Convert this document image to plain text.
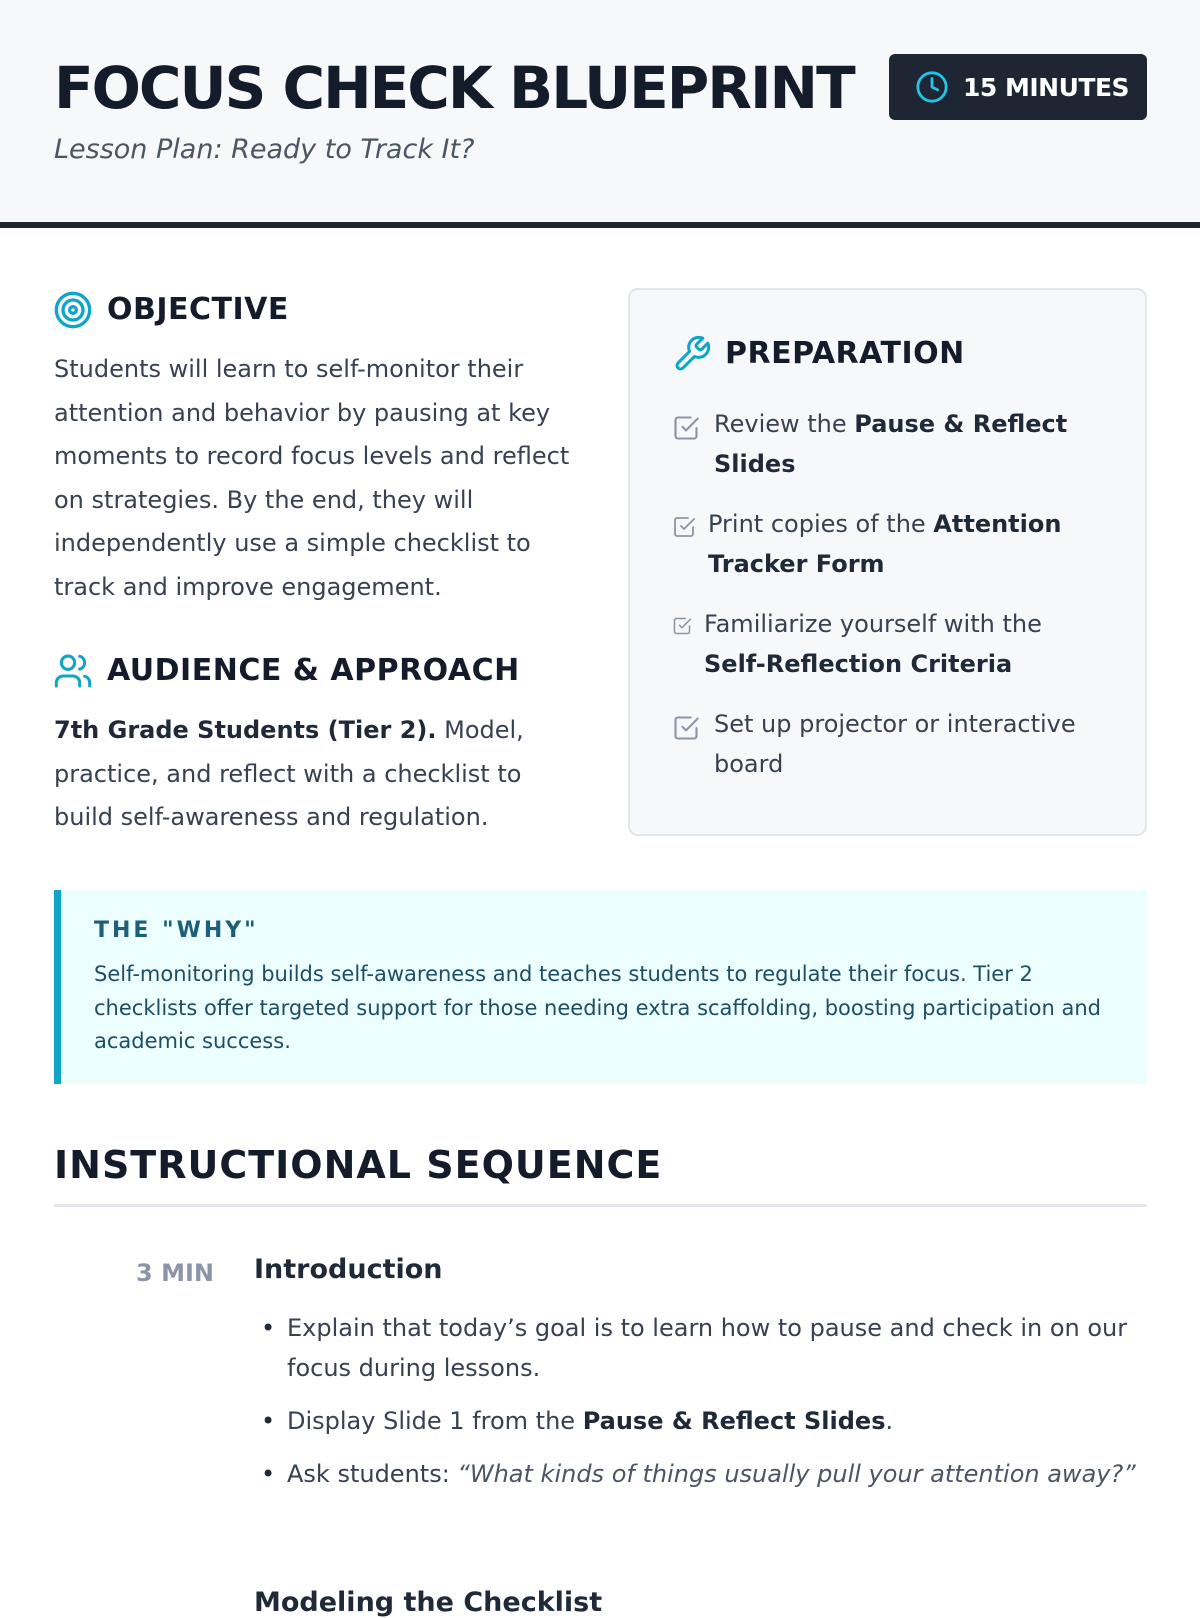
FOCUS CHECK BLUEPRINT
Lesson Plan: Ready to Track It?
15 MINUTES
OBJECTIVE
Students will learn to self-monitor their attention and behavior by pausing at key moments to record focus levels and reflect on strategies. By the end, they will independently use a simple checklist to track and improve engagement.
AUDIENCE & APPROACH
7th Grade Students (Tier 2). Model, practice, and reflect with a checklist to build self-awareness and regulation.
PREPARATION
Review the Pause & Reflect Slides
Print copies of the Attention Tracker Form
Familiarize yourself with the Self-Reflection Criteria
Set up projector or interactive board
THE "WHY"
Self-monitoring builds self-awareness and teaches students to regulate their focus. Tier 2 checklists offer targeted support for those needing extra scaffolding, boosting participation and academic success.
INSTRUCTIONAL SEQUENCE
3 MIN Introduction
• Explain that today’s goal is to learn how to pause and check in on our focus during lessons.
• Display Slide 1 from the Pause & Reflect Slides.
• Ask students: “What kinds of things usually pull your attention away?”
Modeling the Checklist
